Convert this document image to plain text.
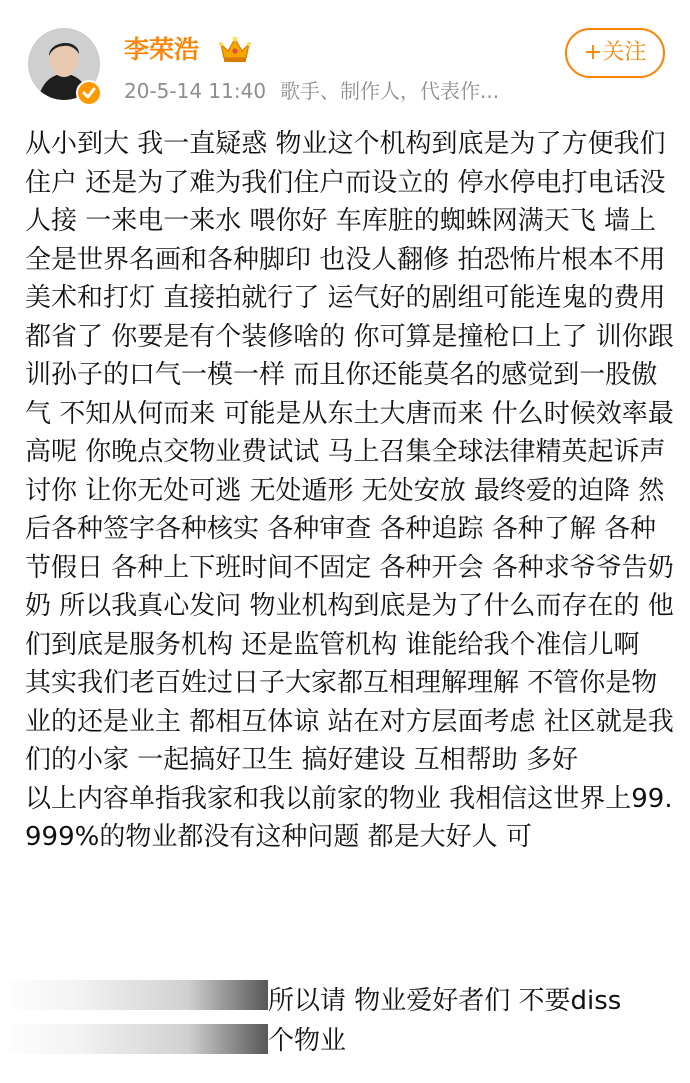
李荣浩
20-5-14 11:40 歌手、制作人，代表作...
+关注

从小到大 我一直疑惑 物业这个机构到底是为了方便我们住户 还是为了难为我们住户而设立的 停水停电打电话没人接 一来电一来水 喂你好 车库脏的蜘蛛网满天飞 墙上全是世界名画和各种脚印 也没人翻修 拍恐怖片根本不用美术和打灯 直接拍就行了 运气好的剧组可能连鬼的费用都省了 你要是有个装修啥的 你可算是撞枪口上了 训你跟训孙子的口气一模一样 而且你还能莫名的感觉到一股傲气 不知从何而来 可能是从东土大唐而来 什么时候效率最高呢 你晚点交物业费试试 马上召集全球法律精英起诉声讨你 让你无处可逃 无处遁形 无处安放 最终爱的迫降 然后各种签字各种核实 各种审查 各种追踪 各种了解 各种节假日 各种上下班时间不固定 各种开会 各种求爷爷告奶奶 所以我真心发问 物业机构到底是为了什么而存在的 他们到底是服务机构 还是监管机构 谁能给我个准信儿啊

其实我们老百姓过日子大家都互相理解理解 不管你是物业的还是业主 都相互体谅 站在对方层面考虑 社区就是我们的小家 一起搞好卫生 搞好建设 互相帮助 多好

以上内容单指我家和我以前家的物业 我相信这世界上99.999%的物业都没有这种问题 都是大好人 可

所以请 物业爱好者们 不要diss
个物业
